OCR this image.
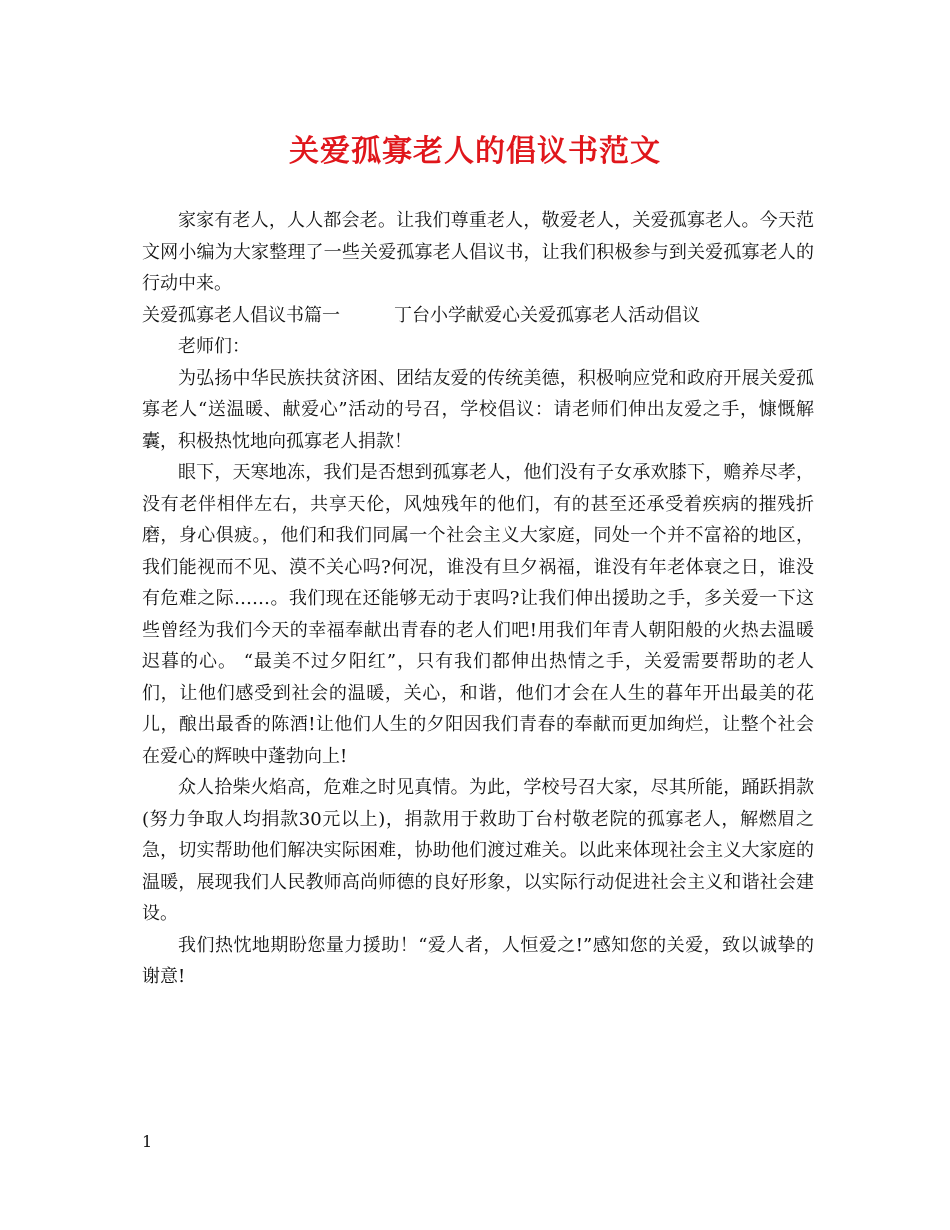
关爱孤寡老人的倡议书范文

家家有老人，人人都会老。让我们尊重老人，敬爱老人，关爱孤寡老人。今天范文网小编为大家整理了一些关爱孤寡老人倡议书，让我们积极参与到关爱孤寡老人的行动中来。

关爱孤寡老人倡议书篇一　　　丁台小学献爱心关爱孤寡老人活动倡议

老师们：

为弘扬中华民族扶贫济困、团结友爱的传统美德，积极响应党和政府开展关爱孤寡老人“送温暖、献爱心”活动的号召，学校倡议：请老师们伸出友爱之手，慷慨解囊，积极热忱地向孤寡老人捐款！

眼下，天寒地冻，我们是否想到孤寡老人，他们没有子女承欢膝下，赡养尽孝，没有老伴相伴左右，共享天伦，风烛残年的他们，有的甚至还承受着疾病的摧残折磨，身心俱疲。，他们和我们同属一个社会主义大家庭，同处一个并不富裕的地区，我们能视而不见、漠不关心吗?何况，谁没有旦夕祸福，谁没有年老体衰之日，谁没有危难之际……。我们现在还能够无动于衷吗?让我们伸出援助之手，多关爱一下这些曾经为我们今天的幸福奉献出青春的老人们吧!用我们年青人朝阳般的火热去温暖迟暮的心。 “最美不过夕阳红”，只有我们都伸出热情之手，关爱需要帮助的老人们，让他们感受到社会的温暖，关心，和谐，他们才会在人生的暮年开出最美的花儿，酿出最香的陈酒!让他们人生的夕阳因我们青春的奉献而更加绚烂，让整个社会在爱心的辉映中蓬勃向上!

众人拾柴火焰高，危难之时见真情。为此，学校号召大家，尽其所能，踊跃捐款(努力争取人均捐款30元以上)，捐款用于救助丁台村敬老院的孤寡老人，解燃眉之急，切实帮助他们解决实际困难，协助他们渡过难关。以此来体现社会主义大家庭的温暖，展现我们人民教师高尚师德的良好形象，以实际行动促进社会主义和谐社会建设。

我们热忱地期盼您量力援助！“爱人者，人恒爱之!”感知您的关爱，致以诚挚的谢意!

1
